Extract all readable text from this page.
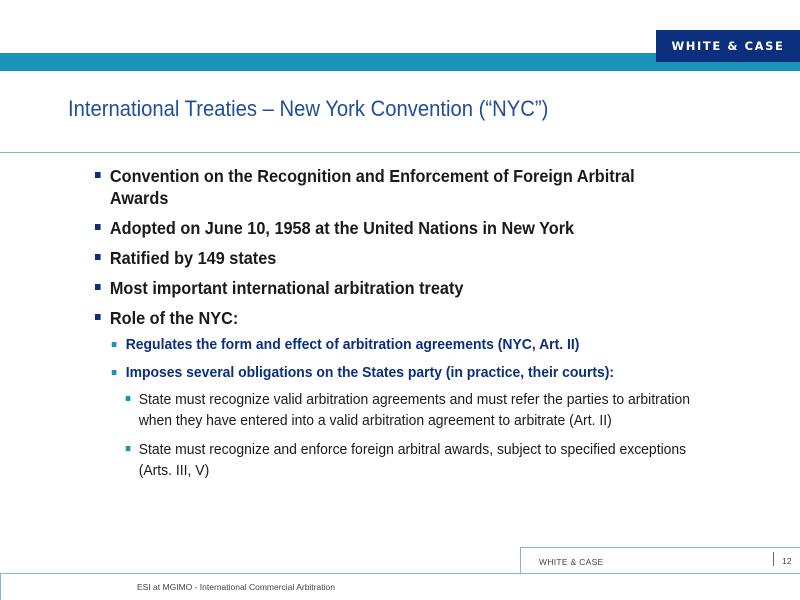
WHITE & CASE
International Treaties – New York Convention (“NYC”)
Convention on the Recognition and Enforcement of Foreign Arbitral Awards
Adopted on June 10, 1958 at the United Nations in New York
Ratified by 149 states
Most important international arbitration treaty
Role of the NYC:
Regulates the form and effect of arbitration agreements (NYC, Art. II)
Imposes several obligations on the States party (in practice, their courts):
State must recognize valid arbitration agreements and must refer the parties to arbitration when they have entered into a valid arbitration agreement to arbitrate (Art. II)
State must recognize and enforce foreign arbitral awards, subject to specified exceptions (Arts. III, V)
WHITE & CASE	12
ESI at MGIMO - International Commercial Arbitration
